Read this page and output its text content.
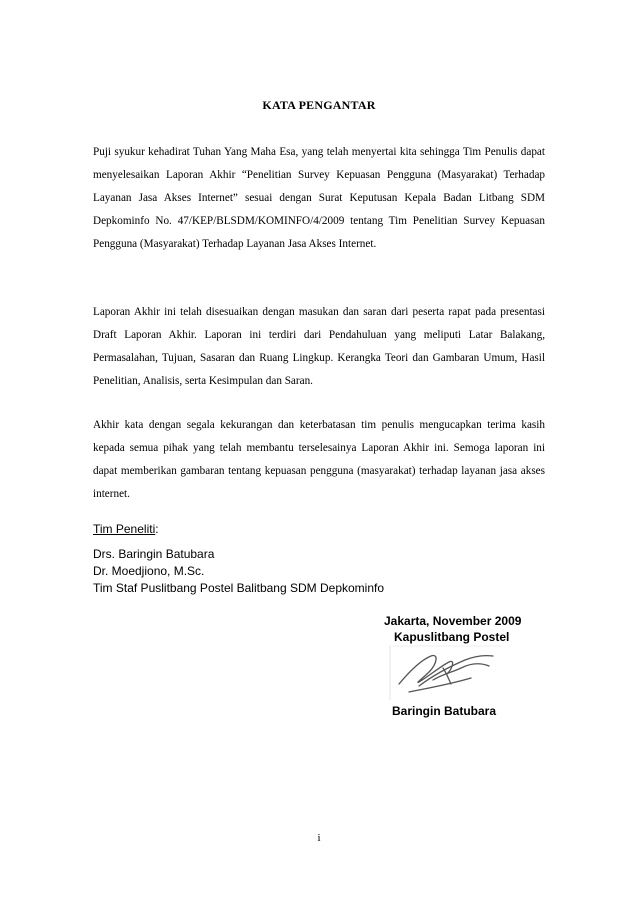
KATA PENGANTAR

Puji syukur kehadirat Tuhan Yang Maha Esa, yang telah menyertai kita sehingga Tim Penulis dapat menyelesaikan Laporan Akhir “Penelitian Survey Kepuasan Pengguna (Masyarakat) Terhadap Layanan Jasa Akses Internet” sesuai dengan Surat Keputusan Kepala Badan Litbang SDM Depkominfo No. 47/KEP/BLSDM/KOMINFO/4/2009 tentang Tim Penelitian Survey Kepuasan Pengguna (Masyarakat) Terhadap Layanan Jasa Akses Internet.

Laporan Akhir ini telah disesuaikan dengan masukan dan saran dari peserta rapat pada presentasi Draft Laporan Akhir. Laporan ini terdiri dari Pendahuluan yang meliputi Latar Balakang, Permasalahan, Tujuan, Sasaran dan Ruang Lingkup. Kerangka Teori dan Gambaran Umum, Hasil Penelitian, Analisis, serta Kesimpulan dan Saran.

Akhir kata dengan segala kekurangan dan keterbatasan tim penulis mengucapkan terima kasih kepada semua pihak yang telah membantu terselesainya Laporan Akhir ini. Semoga laporan ini dapat memberikan gambaran tentang kepuasan pengguna (masyarakat) terhadap layanan jasa akses internet.

Tim Peneliti:
Drs. Baringin Batubara
Dr. Moedjiono, M.Sc.
Tim Staf Puslitbang Postel Balitbang SDM Depkominfo
Jakarta, November 2009
Kapuslitbang Postel
Baringin Batubara
i
